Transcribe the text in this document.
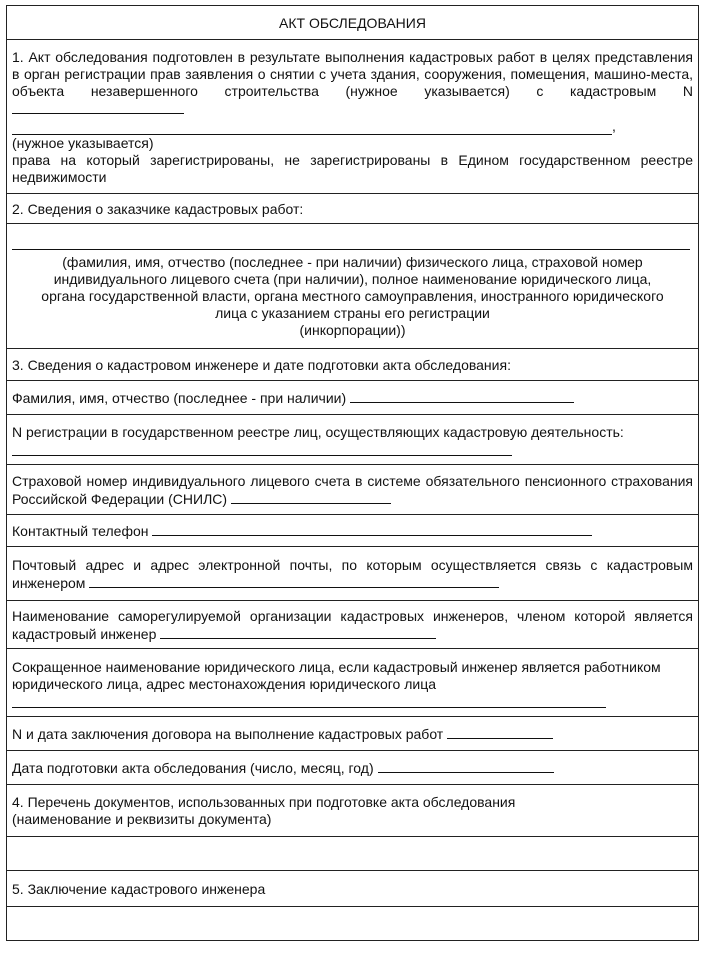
АКТ ОБСЛЕДОВАНИЯ
1. Акт обследования подготовлен в результате выполнения кадастровых работ в целях представления в орган регистрации прав заявления о снятии с учета здания, сооружения, помещения, машино-места, объекта незавершенного строительства (нужное указывается) с кадастровым N
,
(нужное указывается)
права на который зарегистрированы, не зарегистрированы в Едином государственном реестре недвижимости

2. Сведения о заказчике кадастровых работ:

(фамилия, имя, отчество (последнее - при наличии) физического лица, страховой номер
индивидуального лицевого счета (при наличии), полное наименование юридического лица,
органа государственной власти, органа местного самоуправления, иностранного юридического
лица с указанием страны его регистрации
(инкорпорации))

3. Сведения о кадастровом инженере и дате подготовки акта обследования:
Фамилия, имя, отчество (последнее - при наличии)
N регистрации в государственном реестре лиц, осуществляющих кадастровую деятельность:

Страховой номер индивидуального лицевого счета в системе обязательного пенсионного страхования Российской Федерации (СНИЛС)
Контактный телефон
Почтовый адрес и адрес электронной почты, по которым осуществляется связь с кадастровым инженером
Наименование саморегулируемой организации кадастровых инженеров, членом которой является кадастровый инженер
Сокращенное наименование юридического лица, если кадастровый инженер является работником юридического лица, адрес местонахождения юридического лица

N и дата заключения договора на выполнение кадастровых работ
Дата подготовки акта обследования (число, месяц, год)

4. Перечень документов, использованных при подготовке акта обследования
(наименование и реквизиты документа)

5. Заключение кадастрового инженера
